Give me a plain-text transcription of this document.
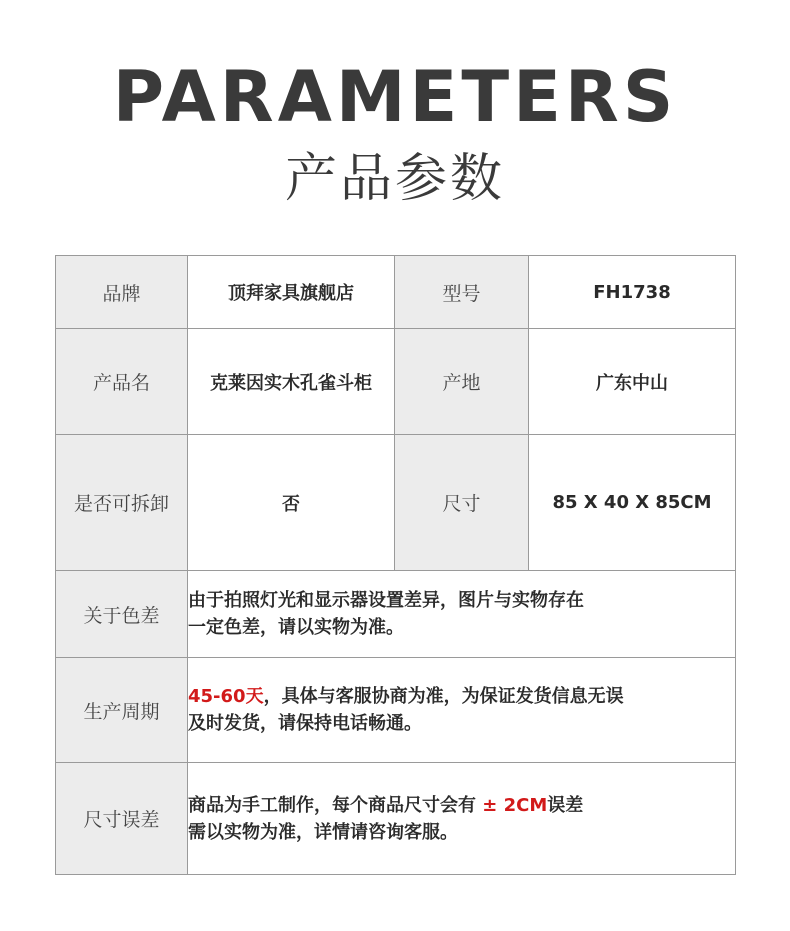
PARAMETERS
产品参数
品牌	顶拜家具旗舰店	型号	FH1738
产品名	克莱因实木孔雀斗柜	产地	广东中山
是否可拆卸	否	尺寸	85 X 40 X 85CM
关于色差	由于拍照灯光和显示器设置差异，图片与实物存在
一定色差，请以实物为准。		

生产周期	45-60天，具体与客服协商为准，为保证发货信息无误
及时发货，请保持电话畅通。		

尺寸误差	商品为手工制作，每个商品尺寸会有 ± 2CM误差
需以实物为准，详情请咨询客服。		
